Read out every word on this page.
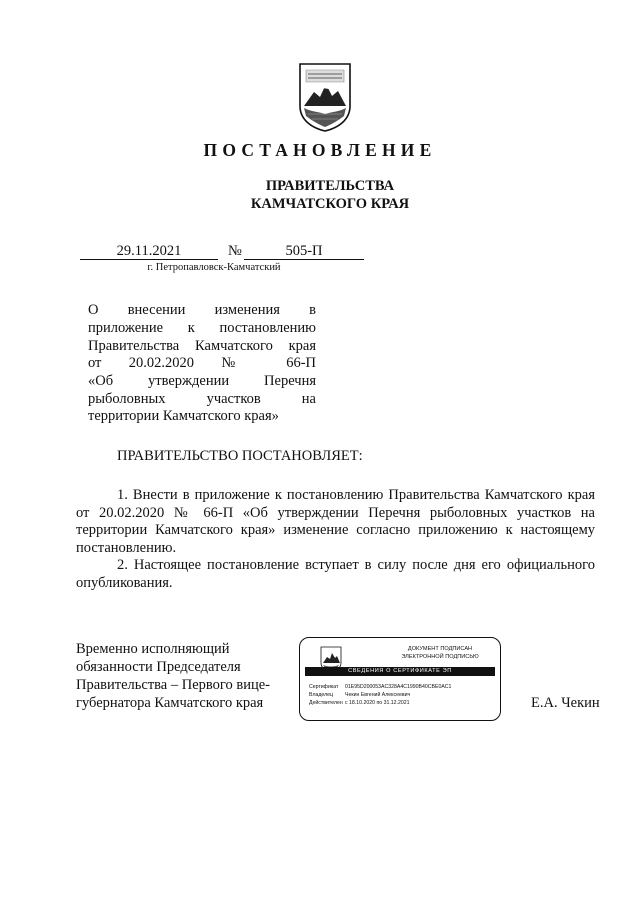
ПОСТАНОВЛЕНИЕ
ПРАВИТЕЛЬСТВА
КАМЧАТСКОГО КРАЯ
29.11.2021	№	505-П
г. Петропавловск-Камчатский
О внесении изменения в
приложение к постановлению
Правительства Камчатского края
от 20.02.2020 № 66-П
«Об утверждении Перечня
рыболовных участков на
территории Камчатского края»
ПРАВИТЕЛЬСТВО ПОСТАНОВЛЯЕТ:
1. Внести в приложение к постановлению Правительства Камчатского края
от 20.02.2020 № 66-П «Об утверждении Перечня рыболовных участков на
территории Камчатского края» изменение согласно приложению к настоящему
постановлению.
2. Настоящее постановление вступает в силу после дня его официального
опубликования.
Временно исполняющий
обязанности Председателя
Правительства – Первого вице-
губернатора Камчатского края
ДОКУМЕНТ ПОДПИСАН
ЭЛЕКТРОННОЙ ПОДПИСЬЮ
СВЕДЕНИЯ О СЕРТИФИКАТЕ ЭП
Сертификат 01E95D200053AC328A4C1990B40CBE0AC1
Владелец Чекин Евгений Алексеевич
Действителен с 18.10.2020 по 31.12.2021	Е.А. Чекин
